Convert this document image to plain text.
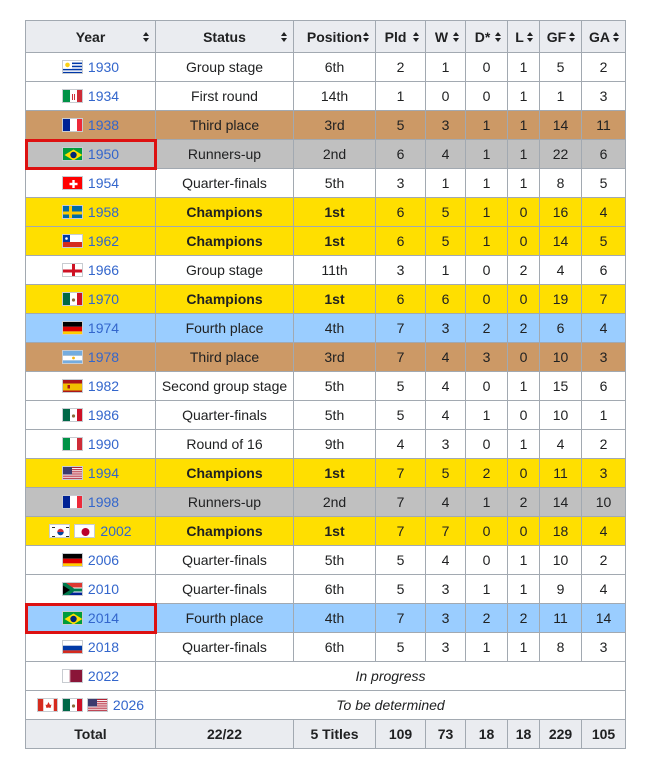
Year	Status	Position	Pld	W	D*	L	GF	GA

1930	Group stage	6th	2	1	0	1	5	2

1934	First round	14th	1	0	0	1	1	3

1938	Third place	3rd	5	3	1	1	14	11

1950	Runners-up	2nd	6	4	1	1	22	6

1954	Quarter-finals	5th	3	1	1	1	8	5

1958	Champions	1st	6	5	1	0	16	4

1962	Champions	1st	6	5	1	0	14	5

1966	Group stage	11th	3	1	0	2	4	6

1970	Champions	1st	6	6	0	0	19	7

1974	Fourth place	4th	7	3	2	2	6	4

1978	Third place	3rd	7	4	3	0	10	3

1982	Second group stage	5th	5	4	0	1	15	6

1986	Quarter-finals	5th	5	4	1	0	10	1

1990	Round of 16	9th	4	3	0	1	4	2

1994	Champions	1st	7	5	2	0	11	3

1998	Runners-up	2nd	7	4	1	2	14	10

2002	Champions	1st	7	7	0	0	18	4

2006	Quarter-finals	5th	5	4	0	1	10	2

2010	Quarter-finals	6th	5	3	1	1	9	4

2014	Fourth place	4th	7	3	2	2	11	14

2018	Quarter-finals	6th	5	3	1	1	8	3

2022	In progress							

2026	To be determined							
Total	22/22	5 Titles	109	73	18	18	229	105
